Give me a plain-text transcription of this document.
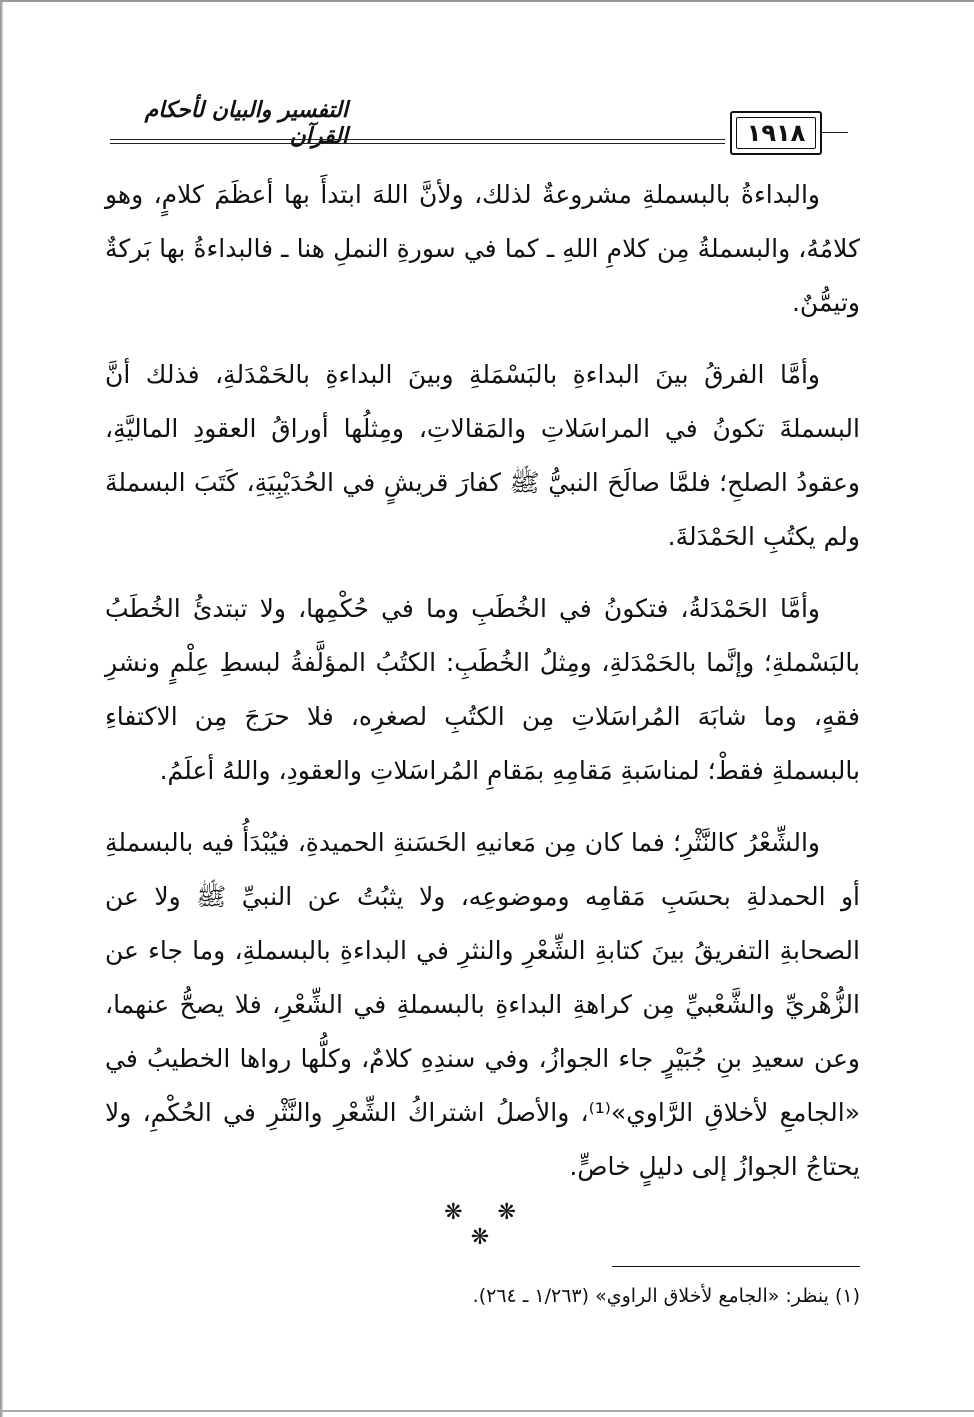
التفسير والبيان لأحكام القرآن	١٩١٨

والبداءةُ بالبسملةِ مشروعةٌ لذلك، ولأنَّ اللهَ ابتدأَ بها أعظَمَ كلامٍ، وهو كلامُهُ، والبسملةُ مِن كلامِ اللهِ ـ كما في سورةِ النملِ هنا ـ فالبداءةُ بها بَركةٌ وتيمُّنٌ.

وأمَّا الفرقُ بينَ البداءةِ بالبَسْمَلةِ وبينَ البداءةِ بالحَمْدَلةِ، فذلك أنَّ البسملةَ تكونُ في المراسَلاتِ والمَقالاتِ، ومِثلُها أوراقُ العقودِ الماليَّةِ، وعقودُ الصلحِ؛ فلمَّا صالَحَ النبيُّ ﷺ كفارَ قريشٍ في الحُدَيْبِيَةِ، كَتَبَ البسملةَ ولم يكتُبِ الحَمْدَلةَ.

وأمَّا الحَمْدَلةُ، فتكونُ في الخُطَبِ وما في حُكْمِها، ولا تبتدئُ الخُطَبُ بالبَسْملةِ؛ وإنَّما بالحَمْدَلةِ، ومِثلُ الخُطَبِ: الكتُبُ المؤلَّفةُ لبسطِ عِلْمٍ ونشرِ فقهٍ، وما شابَهَ المُراسَلاتِ مِن الكتُبِ لصغرِه، فلا حرَجَ مِن الاكتفاءِ بالبسملةِ فقطْ؛ لمناسَبةِ مَقامِهِ بمَقامِ المُراسَلاتِ والعقودِ، واللهُ أعلَمُ.

والشِّعْرُ كالنَّثْرِ؛ فما كان مِن مَعانيهِ الحَسَنةِ الحميدةِ، فيُبْدَأُ فيه بالبسملةِ أو الحمدلةِ بحسَبِ مَقامِه وموضوعِه، ولا يثبُتُ عن النبيِّ ﷺ ولا عن الصحابةِ التفريقُ بينَ كتابةِ الشِّعْرِ والنثرِ في البداءةِ بالبسملةِ، وما جاء عن الزُّهْريِّ والشَّعْبيِّ مِن كراهةِ البداءةِ بالبسملةِ في الشِّعْرِ، فلا يصحُّ عنهما، وعن سعيدِ بنِ جُبَيْرٍ جاء الجوازُ، وفي سندِهِ كلامٌ، وكلُّها رواها الخطيبُ في «الجامعِ لأخلاقِ الرَّاوي»⁽¹⁾، والأصلُ اشتراكُ الشِّعْرِ والنَّثْرِ في الحُكْمِ، ولا يحتاجُ الجوازُ إلى دليلٍ خاصٍّ.

❋ ❋ ❋
(١) ينظر: «الجامع لأخلاق الراوي» (١/٢٦٣ ـ ٢٦٤).
